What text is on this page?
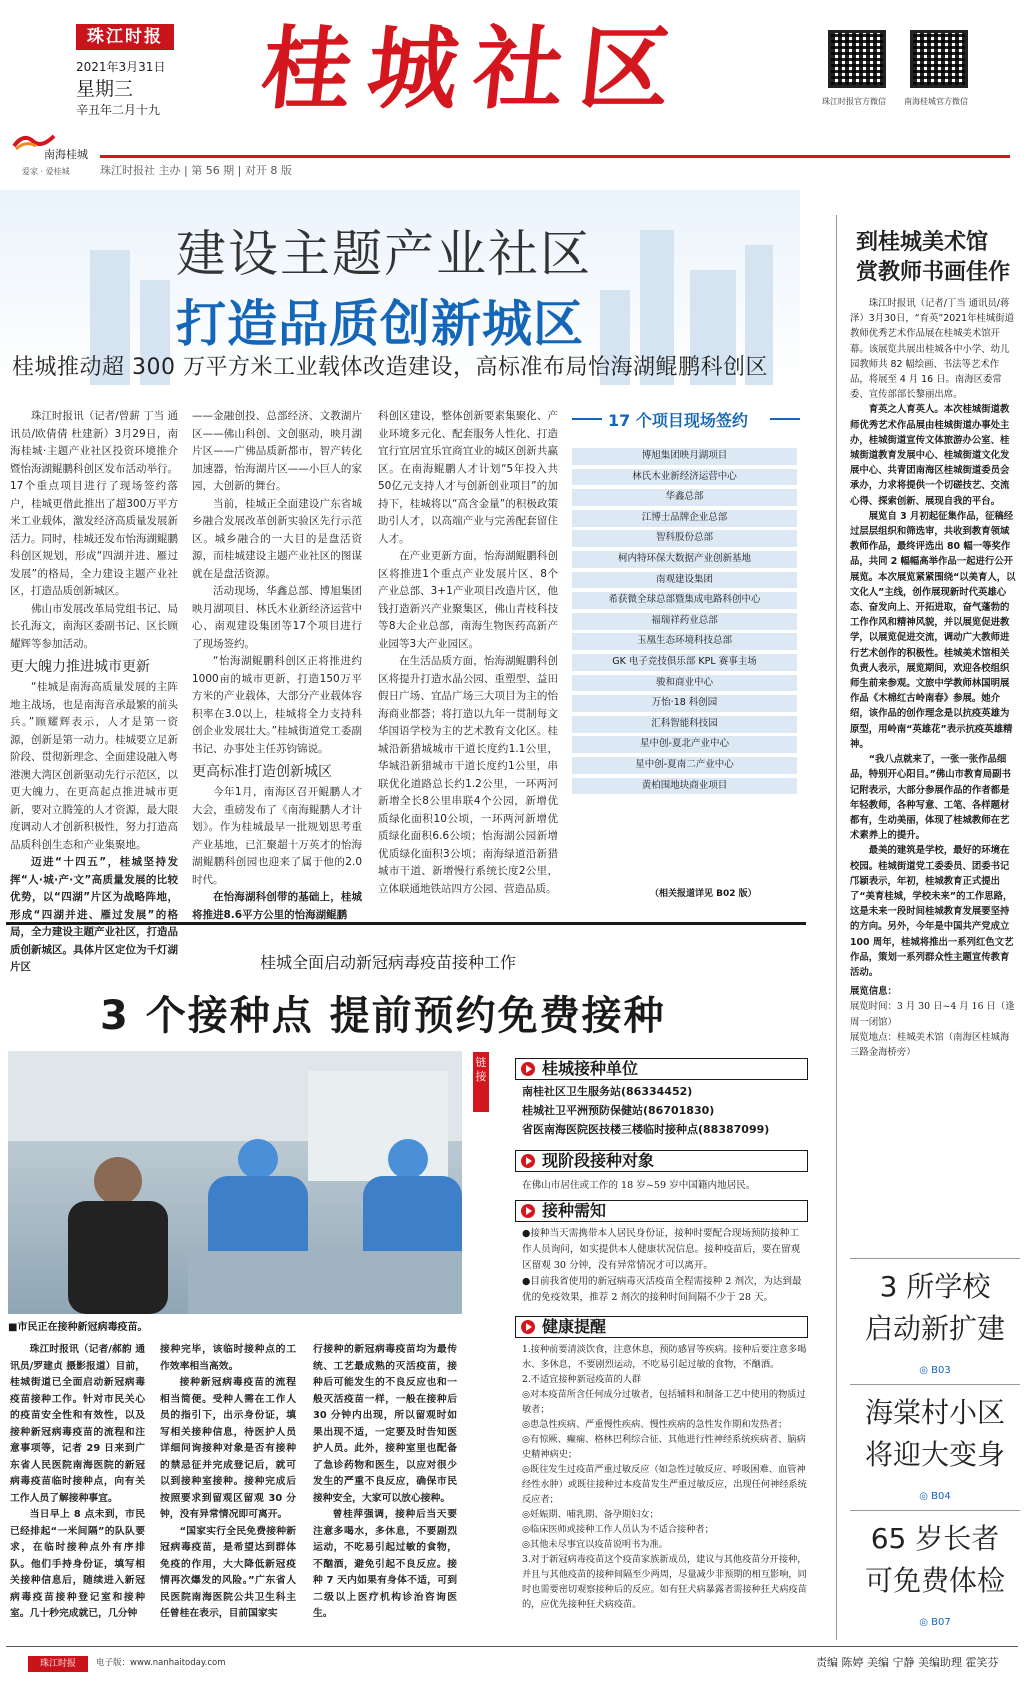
珠江时报
2021年3月31日
星期三
辛丑年二月十九 桂城社区	珠江时报官方微信 南海桂城官方微信
南海桂城
爱家 · 爱桂城	珠江时报社 主办 | 第 56 期 | 对开 8 版
建设主题产业社区
打造品质创新城区
桂城推动超 300 万平方米工业载体改造建设，高标准布局怡海湖鲲鹏科创区

珠江时报讯（记者/曾薪 丁当 通讯员/欧倩倩 杜建新）3月29日，南海桂城·主题产业社区投资环境推介暨怡海湖鲲鹏科创区发布活动举行。17个重点项目进行了现场签约落户，桂城更借此推出了超300万平方米工业载体，激发经济高质量发展新活力。同时，桂城还发布怡海湖鲲鹏科创区规划，形成“四湖并进、雁过发展”的格局，全力建设主题产业社区，打造品质创新城区。

佛山市发展改革局党组书记、局长孔海文，南海区委副书记、区长顾耀辉等参加活动。

更大魄力推进城市更新

“桂城是南海高质量发展的主阵地主战场，也是南海音承最繁的前头兵。”顾耀辉表示，人才是第一资源，创新是第一动力。桂城要立足新阶段、贯彻新理念、全面建设融入粤港澳大湾区创新驱动先行示范区，以更大魄力、在更高起点推进城市更新，要对立腾笼的人才资源，最大限度调动人才创新积极性，努力打造高品质科创生态和产业集聚地。

迈进“十四五”，桂城坚持发挥“人·城·产·文”高质量发展的比较优势，以“四湖”片区为战略阵地，形成“四湖并进、雁过发展”的格局，全力建设主题产业社区，打造品质创新城区。具体片区定位为千灯湖片区

——金融创投、总部经济、文教湖片区——佛山科创、文创驱动，映月湖片区——广佛品质新都市，智产转化加速器，怡海湖片区——小巨人的家园，大创新的舞台。

当前，桂城正全面建设广东省城乡融合发展改革创新实验区先行示范区。城乡融合的一大目的是盘活资源，而桂城建设主题产业社区的图谋就在是盘活资源。

活动现场，华鑫总部、博旭集团映月湖项目、林氏木业新经济运营中心、南观建设集团等17个项目进行了现场签约。

“怡海湖鲲鹏科创区正将推进约1000亩的城市更新，打造150万平方米的产业载体，大部分产业载体容积率在3.0以上，桂城将全力支持科创企业发展壮大。”桂城街道党工委副书记、办事处主任苏钧锦说。

更高标准打造创新城区

今年1月，南海区召开鲲鹏人才大会，重磅发布了《南海鲲鹏人才计划》。作为桂城最早一批规划思考重产业基地，已汇聚超十万英才的怡海湖鲲鹏科创园也迎来了属于他的2.0时代。

在怡海湖科创带的基础上，桂城将推进8.6平方公里的怡海湖鲲鹏

科创区建设，整体创新要素集聚化、产业环境多元化、配套服务人性化、打造宜行宜居宜乐宜商宜业的城区创新共赢区。在南海鲲鹏人才计划“5年投入共50亿元支持人才与创新创业项目”的加持下，桂城将以“高含金量”的积极政策助引人才，以高端产业与完善配套留住人才。

在产业更新方面，怡海湖鲲鹏科创区将推进1个重点产业发展片区、8个产业总部、3+1产业项目改造片区，他钱打造新兴产业聚集区，佛山青枝科技等8大企业总部，南海生物医药高新产业园等3大产业园区。

在生活品质方面，怡海湖鲲鹏科创区将提升打造水晶公园、重塑型、益田假日广场、宜品广场三大项目为主的怡海商业都荟；将打造以九年一贯制每文华国语学校为主的艺术教育文化区。桂城沿新猎城城市干道长度约1.1公里，华城沿新猎城市干道长度约1公里，串联优化道路总长约1.2公里，一环两河新增全长8公里串联4个公园，新增优质绿化面积10公顷，一环两河新增优质绿化面积6.6公顷；怡海湖公园新增优质绿化面积3公顷；南海绿道沿新猎城市干道、新增慢行系统长度2公里，立体联通地铁站四方公园、营造品质。

17 个项目现场签约
博旭集团映月湖项目
林氏木业新经济运营中心
华鑫总部
江博士品牌企业总部
智科股份总部
柯内特环保大数据产业创新基地
南观建设集团
希获微全球总部暨集成电路科创中心
福瑞祥药业总部
玉凰生态环境科技总部
GK 电子竞技俱乐部 KPL 赛事主场
骏和商业中心
万怡·18 科创园
汇科智能科技园
星中创-夏北产业中心
星中创-夏南二产业中心
黄柏围地块商业项目
（相关报道详见 B02 版）
桂城全面启动新冠病毒疫苗接种工作
3 个接种点 提前预约免费接种
■市民正在接种新冠病毒疫苗。

珠江时报讯（记者/郝韵 通讯员/罗建贞 摄影报道）目前，桂城街道已全面启动新冠病毒疫苗接种工作。针对市民关心的疫苗安全性和有效性，以及接种新冠病毒疫苗的流程和注意事项等，记者 29 日来到广东省人民医院南海医院的新冠病毒疫苗临时接种点，向有关工作人员了解接种事宜。

当日早上 8 点未到，市民已经排起“一米间隔”的队队要求，在临时接种点外有序排队。他们手持身份证，填写相关接种信息后，随续进入新冠病毒疫苗接种登记室和接种室。几十秒完成就已，几分钟

接种完毕，该临时接种点的工作效率相当高效。

接种新冠病毒疫苗的流程相当简便。受种人需在工作人员的指引下，出示身份证，填写相关接种信息，待医护人员详细问询接种对象是否有接种的禁忌征并完成登记后，就可以到接种室接种。接种完成后按照要求到留观区留观 30 分钟，没有异常情况即可离开。

“国家实行全民免费接种新冠病毒疫苗，是希望达到群体免疫的作用，大大降低新冠疫情再次爆发的风险。”广东省人民医院南海医院公共卫生科主任曾桂在表示，目前国家实

行接种的新冠病毒疫苗均为最传统、工艺最成熟的灭活疫苗，接种后可能发生的不良反应也和一般灭活疫苗一样，一般在接种后 30 分钟内出现，所以留观时如果出现不适，一定要及时告知医护人员。此外，接种室里也配备了急诊药物和医生，以应对很少发生的严重不良反应，确保市民接种安全，大家可以放心接种。

曾桂萍强调，接种后当天要注意多喝水，多休息，不要剧烈运动，不吃易引起过敏的食物，不酗酒，避免引起不良反应。接种 7 天内如果有身体不适，可到二级以上医疗机构诊治咨询医生。

链接	桂城接种单位
南桂社区卫生服务站(86334452)
桂城社卫平洲预防保健站(86701830)
省医南海医院医技楼三楼临时接种点(88387099)
现阶段接种对象
在佛山市居住或工作的 18 岁~59 岁中国籍内地居民。
接种需知
●接种当天需携带本人居民身份证，接种时要配合现场预防接种工作人员询问，如实提供本人健康状况信息。接种疫苗后，要在留观区留观 30 分钟，没有异常情况才可以离开。
●目前我省使用的新冠病毒灭活疫苗全程需接种 2 剂次，为达到最优的免疫效果，推荐 2 剂次的接种时间间隔不少于 28 天。
健康提醒
1.接种前要清淡饮食，注意休息，预防感冒等疾病。接种后要注意多喝水、多休息，不要剧烈运动，不吃易引起过敏的食物，不酗酒。
2.不适宜接种新冠疫苗的人群
◎对本疫苗所含任何成分过敏者，包括辅料和制备工艺中使用的物质过敏者；
◎患急性疾病、严重慢性疾病、慢性疾病的急性发作期和发热者；
◎有惊厥、癫痫、格林巴利综合征、其他进行性神经系统疾病者、脑病史精神病史；
◎既往发生过疫苗严重过敏反应（如急性过敏反应、呼吸困难、血管神经性水肿）或既往接种过本疫苗发生严重过敏反应，出现任何神经系统反应者；
◎妊娠期、哺乳期、备孕期妇女；
◎临床医师或接种工作人员认为不适合接种者；
◎其他未尽事宜以疫苗说明书为准。
3.对于新冠病毒疫苗这个疫苗家族新成员，建议与其他疫苗分开接种，并且与其他疫苗的接种间隔至少两周，尽量减少非预期的相互影响，同时也需要密切观察接种后的反应。如有狂犬病暴露者需接种狂犬病疫苗的，应优先接种狂犬病疫苗。
到桂城美术馆
赏教师书画佳作

珠江时报讯（记者/丁当 通讯员/蒋泽）3月30日，“育英”2021年桂城街道教师优秀艺术作品展在桂城美术馆开幕。该展览共展出桂城各中小学、幼儿园教师共 82 幅绘画、书法等艺术作品，将展至 4 月 16 日。南海区委常委、宣传部部长黎丽出席。

育英之人育英人。本次桂城街道教师优秀艺术作品展由桂城街道办事处主办，桂城街道宣传文体旅游办公室、桂城街道教育发展中心、桂城街道文化发展中心、共青团南海区桂城街道委员会承办，力求将提供一个切磋技艺、交流心得、探索创新、展现自我的平台。

展览自 3 月初起征集作品，征稿经过层层组织和筛选审，共收到教育领域教师作品，最终评选出 80 幅一等奖作品，共同 2 幅幅高举作品一起进行公开展览。本次展览紧紧围绕“以美育人，以文化人”主线，创作展现新时代英雄心态、奋发向上、开拓进取，奋气蓬勃的工作作风和精神风貌，并以展览促进教学，以展览促进交流，调动广大教师进行艺术创作的积极性。桂城美术馆相关负责人表示，展览期间，欢迎各校组织师生前来参观。文旅中学教师林国明展作品《木棉红古岭南春》参展。她介绍，该作品的创作理念是以抗疫英雄为原型，用岭南“英雄花”表示抗疫英雄精神。

“我八点就来了，一张一张作品细品，特别开心阳目。”佛山市教育局副书记附表示，大部分参展作品的作者都是年轻教师，各种写意、工笔、各样题材都有，生动美丽，体现了桂城教师在艺术素养上的提升。

最美的建筑是学校，最好的环境在校园。桂城街道党工委委员、团委书记邝颖表示，年初，桂城教育正式提出了“美育桂城，学校未来”的工作思路，这是未来一段时间桂城教育发展要坚持的方向。另外，今年是中国共产党成立 100 周年，桂城将推出一系列红色文艺作品，策划一系列群众性主题宣传教育活动。

展览信息：
展览时间：3 月 30 日~4 月 16 日（逢周一闭馆）
展览地点：桂城美术馆（南海区桂城海三路金海桥旁）
3 所学校
启动新扩建
◎ B03
海棠村小区
将迎大变身
◎ B04
65 岁长者
可免费体检
◎ B07
珠江时报	电子版：www.nanhaitoday.com	责编 陈婷 美编 宁静 美编助理 霍笑芬
